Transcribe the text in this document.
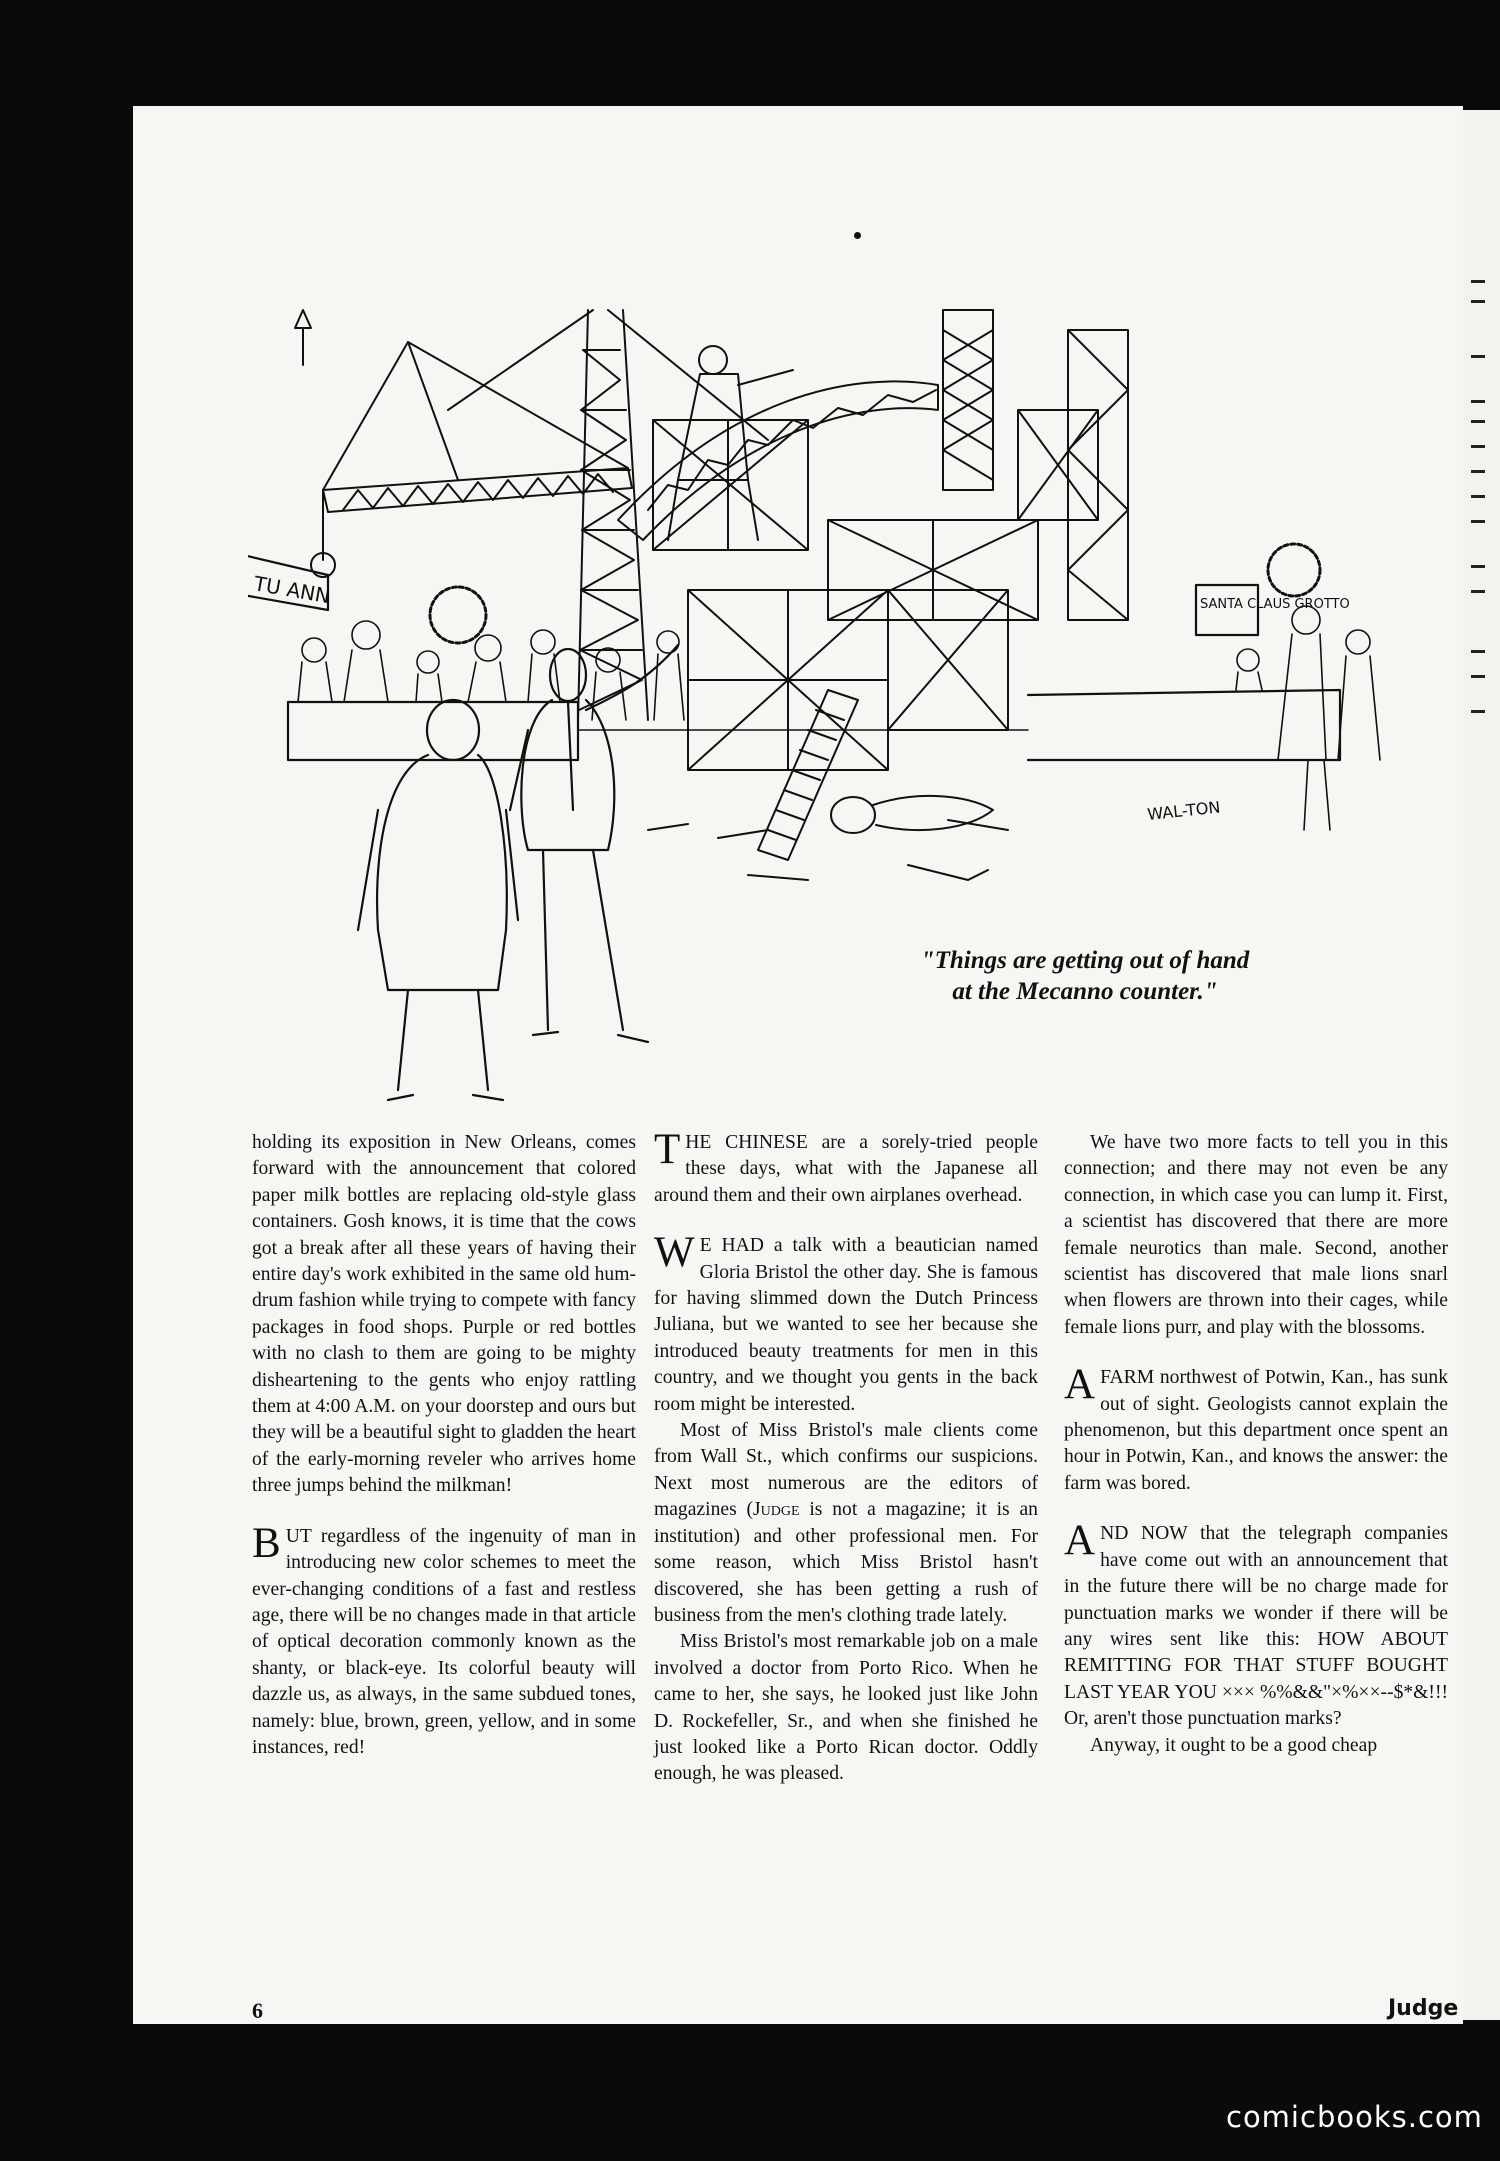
TU ANN	SANTA CLAUS GROTTO
WAL-TON
"Things are getting out of hand
at the Mecanno counter."

holding its exposition in New Orleans, comes forward with the announcement that colored paper milk bottles are replacing old-style glass containers. Gosh knows, it is time that the cows got a break after all these years of having their entire day's work exhibited in the same old hum-drum fashion while trying to compete with fancy packages in food shops. Purple or red bottles with no clash to them are going to be mighty disheartening to the gents who enjoy rattling them at 4:00 A.M. on your doorstep and ours but they will be a beautiful sight to gladden the heart of the early-morning reveler who arrives home three jumps behind the milkman!

BUT regardless of the ingenuity of man in introducing new color schemes to meet the ever-changing conditions of a fast and restless age, there will be no changes made in that article of optical decoration commonly known as the shanty, or black-eye. Its colorful beauty will dazzle us, as always, in the same subdued tones, namely: blue, brown, green, yellow, and in some instances, red!

THE CHINESE are a sorely-tried people these days, what with the Japanese all around them and their own airplanes overhead.

W E HAD a talk with a beautician named Gloria Bristol the other day. She is famous for having slimmed down the Dutch Princess Juliana, but we wanted to see her because she introduced beauty treatments for men in this country, and we thought you gents in the back room might be interested.

Most of Miss Bristol's male clients come from Wall St., which confirms our suspicions. Next most numerous are the editors of magazines (Judge is not a magazine; it is an institution) and other professional men. For some reason, which Miss Bristol hasn't discovered, she has been getting a rush of business from the men's clothing trade lately.

Miss Bristol's most remarkable job on a male involved a doctor from Porto Rico. When he came to her, she says, he looked just like John D. Rockefeller, Sr., and when she finished he just looked like a Porto Rican doctor. Oddly enough, he was pleased.

We have two more facts to tell you in this connection; and there may not even be any connection, in which case you can lump it. First, a scientist has discovered that there are more female neurotics than male. Second, another scientist has discovered that male lions snarl when flowers are thrown into their cages, while female lions purr, and play with the blossoms.

A FARM northwest of Potwin, Kan., has sunk out of sight. Geologists cannot explain the phenomenon, but this department once spent an hour in Potwin, Kan., and knows the answer: the farm was bored.

AND NOW that the telegraph companies have come out with an announcement that in the future there will be no charge made for punctuation marks we wonder if there will be any wires sent like this: HOW ABOUT REMITTING FOR THAT STUFF BOUGHT LAST YEAR YOU ××× %%&&"×%××--$*&!!! Or, aren't those punctuation marks?

Anyway, it ought to be a good cheap

6	Judge
comicbooks.com
